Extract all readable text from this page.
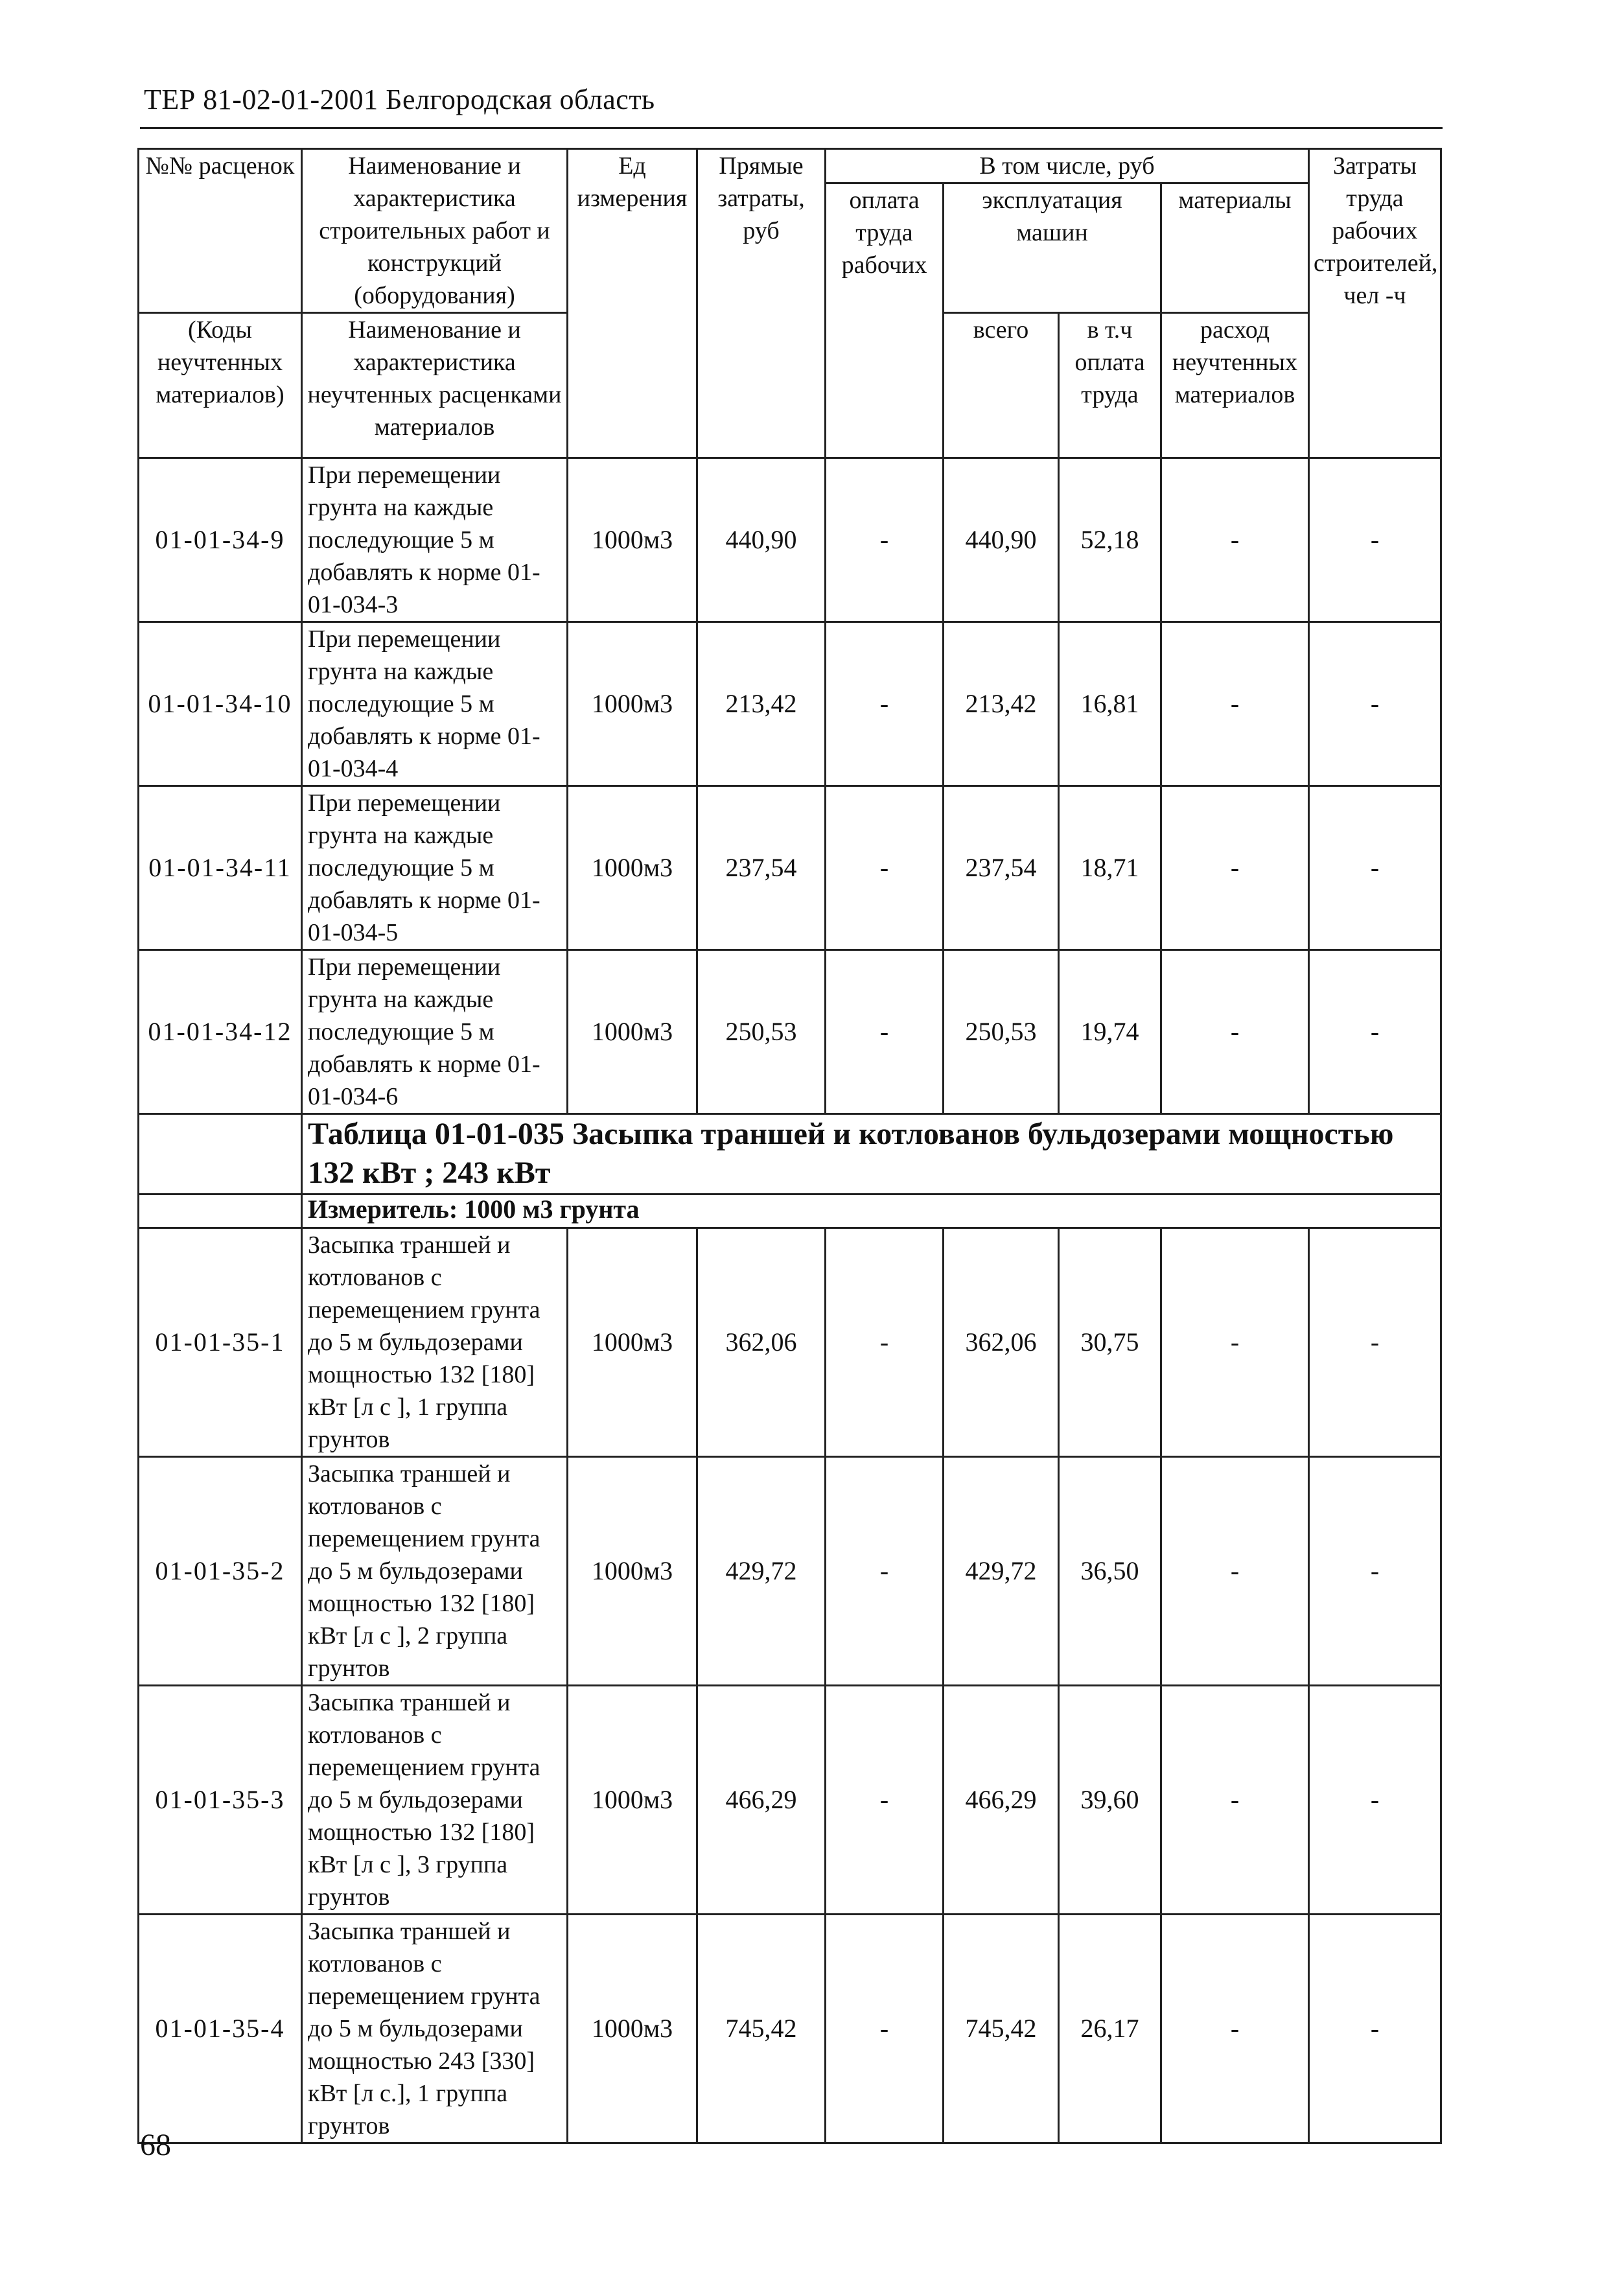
ТЕР 81-02-01-2001 Белгородская область
№№ расценок	Наименование и характеристика строительных работ и конструкций (оборудования)	Ед измерения	Прямые затраты, руб	В том числе, руб				Затраты труда рабочих строителей, чел -ч
				оплата труда рабочих	эксплуатация машин		материалы	

(Коды неучтенных материалов)	Наименование и характеристика неучтенных расценками материалов				всего	в т.ч оплата труда	расход неучтенных материалов	

01-01-34-9	При перемещении грунта на каждые последующие 5 м добавлять к норме 01-01-034-3	1000м3	440,90	-	440,90	52,18	-	-
01-01-34-10	При перемещении грунта на каждые последующие 5 м добавлять к норме 01-01-034-4	1000м3	213,42	-	213,42	16,81	-	-
01-01-34-11	При перемещении грунта на каждые последующие 5 м добавлять к норме 01-01-034-5	1000м3	237,54	-	237,54	18,71	-	-
01-01-34-12	При перемещении грунта на каждые последующие 5 м добавлять к норме 01-01-034-6	1000м3	250,53	-	250,53	19,74	-	-
	Таблица 01-01-035 Засыпка траншей и котлованов бульдозерами мощностью 132 кВт ; 243 кВт							
	Измеритель: 1000 м3 грунта							
01-01-35-1	Засыпка траншей и котлованов с перемещением грунта до 5 м бульдозерами мощностью 132 [180] кВт [л с ], 1 группа грунтов	1000м3	362,06	-	362,06	30,75	-	-
01-01-35-2	Засыпка траншей и котлованов с перемещением грунта до 5 м бульдозерами мощностью 132 [180] кВт [л с ], 2 группа грунтов	1000м3	429,72	-	429,72	36,50	-	-
01-01-35-3	Засыпка траншей и котлованов с перемещением грунта до 5 м бульдозерами мощностью 132 [180] кВт [л с ], 3 группа грунтов	1000м3	466,29	-	466,29	39,60	-	-
01-01-35-4	Засыпка траншей и котлованов с перемещением грунта до 5 м бульдозерами мощностью 243 [330] кВт [л с.], 1 группа грунтов	1000м3	745,42	-	745,42	26,17	-	-
68
